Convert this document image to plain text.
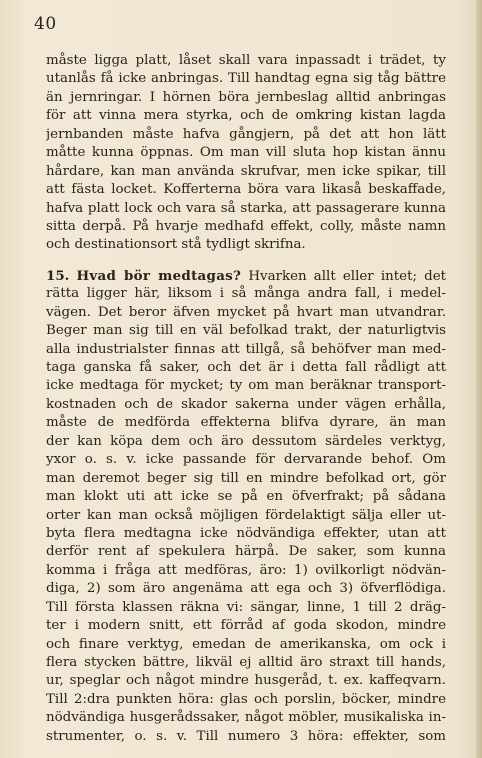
40

måste ligga platt, låset skall vara inpassadt i trädet, ty
utanlås få icke anbringas. Till handtag egna sig tåg bättre
än jernringar. I hörnen böra jernbeslag alltid anbringas
för att vinna mera styrka, och de omkring kistan lagda
jernbanden måste hafva gångjern, på det att hon lätt
måtte kunna öppnas. Om man vill sluta hop kistan ännu
hårdare, kan man använda skrufvar, men icke spikar, till
att fästa locket. Kofferterna böra vara likaså beskaffade,
hafva platt lock och vara så starka, att passagerare kunna
sitta derpå. På hvarje medhafd effekt, colly, måste namn
och destinationsort stå tydligt skrifna.

15. Hvad bör medtagas? Hvarken allt eller intet; det
rätta ligger här, liksom i så många andra fall, i medel-
vägen. Det beror äfven mycket på hvart man utvandrar.
Beger man sig till en väl befolkad trakt, der naturligtvis
alla industrialster finnas att tillgå, så behöfver man med-
taga ganska få saker, och det är i detta fall rådligt att
icke medtaga för mycket; ty om man beräknar transport-
kostnaden och de skador sakerna under vägen erhålla,
måste de medförda effekterna blifva dyrare, än man
der kan köpa dem och äro dessutom särdeles verktyg,
yxor o. s. v. icke passande för dervarande behof. Om
man deremot beger sig till en mindre befolkad ort, gör
man klokt uti att icke se på en öfverfrakt; på sådana
orter kan man också möjligen fördelaktigt sälja eller ut-
byta flera medtagna icke nödvändiga effekter, utan att
derför rent af spekulera härpå. De saker, som kunna
komma i fråga att medföras, äro: 1) ovilkorligt nödvän-
diga, 2) som äro angenäma att ega och 3) öfverflödiga.
Till första klassen räkna vi: sängar, linne, 1 till 2 dräg-
ter i modern snitt, ett förråd af goda skodon, mindre
och finare verktyg, emedan de amerikanska, om ock i
flera stycken bättre, likväl ej alltid äro straxt till hands,
ur, speglar och något mindre husgeråd, t. ex. kaffeqvarn.
Till 2:dra punkten höra: glas och porslin, böcker, mindre
nödvändiga husgerådssaker, något möbler, musikaliska in-
strumenter, o. s. v. Till numero 3 höra: effekter, som
